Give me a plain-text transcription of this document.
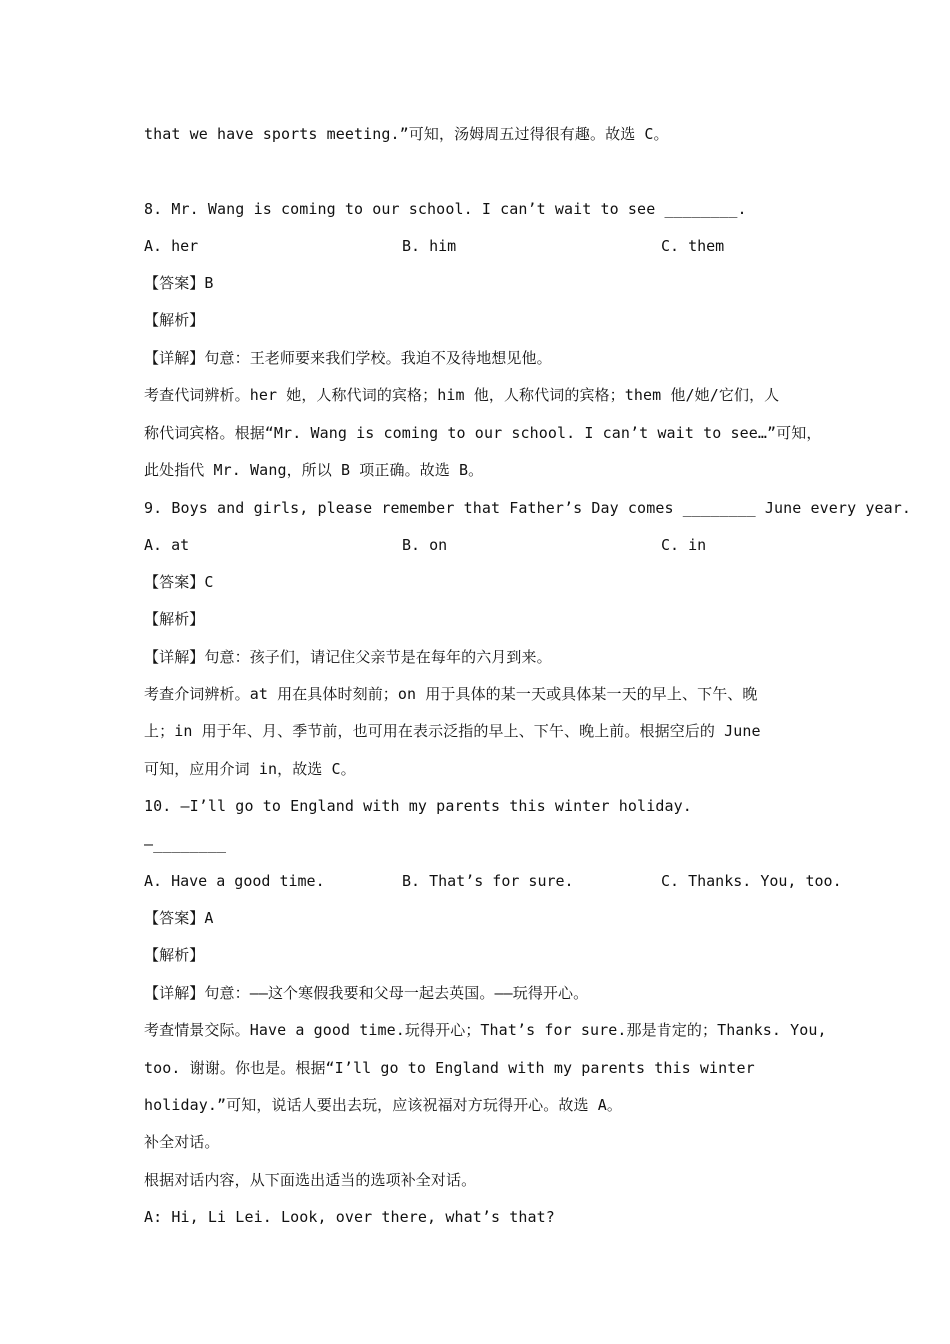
that we have sports meeting.”可知，汤姆周五过得很有趣。故选 C。
8. Mr. Wang is coming to our school. I can’t wait to see ________.
A. her	B. him	C. them
【答案】B
【解析】
【详解】句意：王老师要来我们学校。我迫不及待地想见他。
考查代词辨析。her 她，人称代词的宾格；him 他，人称代词的宾格；them 他/她/它们，人
称代词宾格。根据“Mr. Wang is coming to our school. I can’t wait to see…”可知，
此处指代 Mr. Wang，所以 B 项正确。故选 B。
9. Boys and girls, please remember that Father’s Day comes ________ June every year.
A. at	B. on	C. in
【答案】C
【解析】
【详解】句意：孩子们，请记住父亲节是在每年的六月到来。
考查介词辨析。at 用在具体时刻前；on 用于具体的某一天或具体某一天的早上、下午、晚
上；in 用于年、月、季节前，也可用在表示泛指的早上、下午、晚上前。根据空后的 June
可知，应用介词 in，故选 C。
10. —I’ll go to England with my parents this winter holiday.
—________
A. Have a good time.	B. That’s for sure.	C. Thanks. You, too.
【答案】A
【解析】
【详解】句意：——这个寒假我要和父母一起去英国。——玩得开心。
考查情景交际。Have a good time.玩得开心；That’s for sure.那是肯定的；Thanks. You,
too. 谢谢。你也是。根据“I’ll go to England with my parents this winter
holiday.”可知，说话人要出去玩，应该祝福对方玩得开心。故选 A。
补全对话。
根据对话内容，从下面选出适当的选项补全对话。
A: Hi, Li Lei. Look, over there, what’s that?
